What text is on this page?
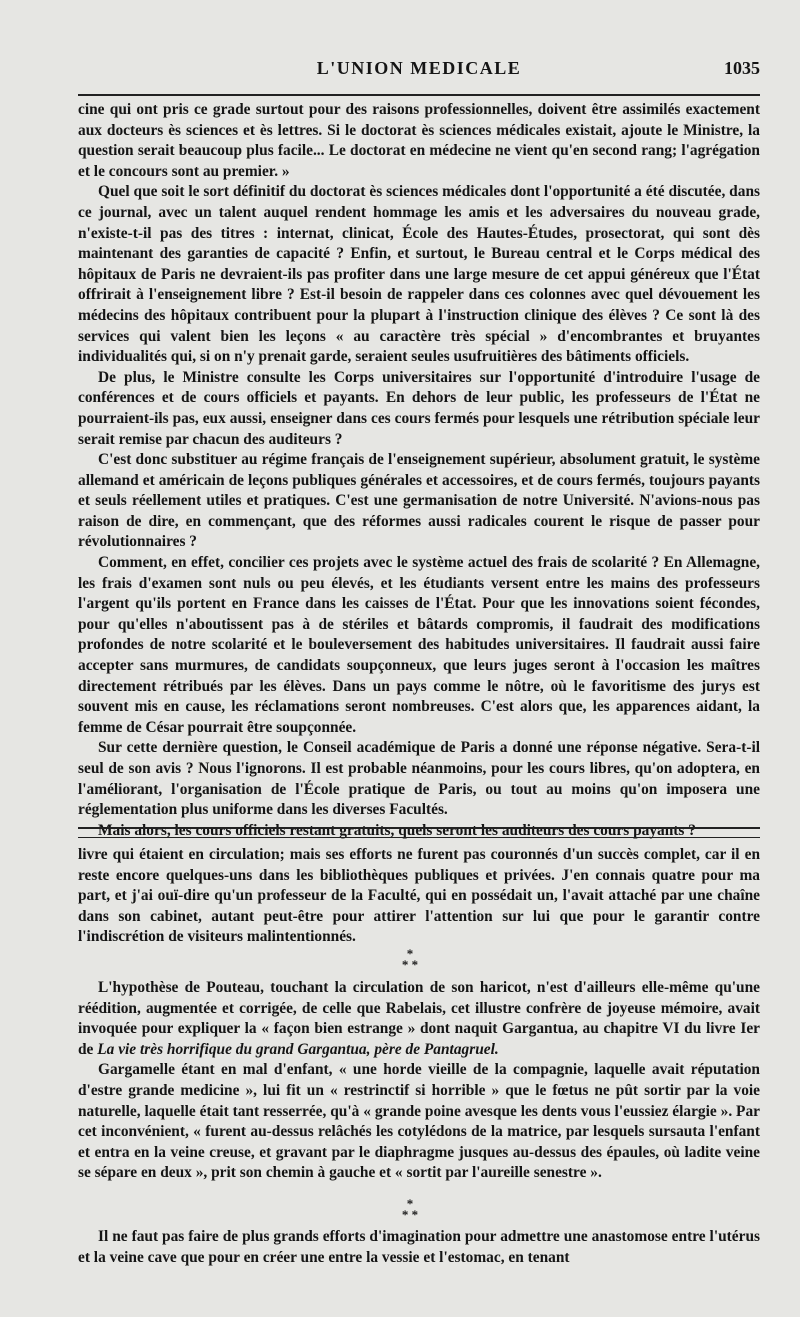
L'UNION MEDICALE	1035

cine qui ont pris ce grade surtout pour des raisons professionnelles, doivent être assimilés exactement aux docteurs ès sciences et ès lettres. Si le doctorat ès sciences médicales existait, ajoute le Ministre, la question serait beaucoup plus facile... Le doctorat en médecine ne vient qu'en second rang; l'agrégation et le concours sont au premier. »

Quel que soit le sort définitif du doctorat ès sciences médicales dont l'opportunité a été discutée, dans ce journal, avec un talent auquel rendent hommage les amis et les adversaires du nouveau grade, n'existe-t-il pas des titres : internat, clinicat, École des Hautes-Études, prosectorat, qui sont dès maintenant des garanties de capacité ? Enfin, et surtout, le Bureau central et le Corps médical des hôpitaux de Paris ne devraient-ils pas profiter dans une large mesure de cet appui généreux que l'État offrirait à l'enseignement libre ? Est-il besoin de rappeler dans ces colonnes avec quel dévouement les médecins des hôpitaux contribuent pour la plupart à l'instruction clinique des élèves ? Ce sont là des services qui valent bien les leçons « au caractère très spécial » d'encombrantes et bruyantes individualités qui, si on n'y prenait garde, seraient seules usufruitières des bâtiments officiels.

De plus, le Ministre consulte les Corps universitaires sur l'opportunité d'introduire l'usage de conférences et de cours officiels et payants. En dehors de leur public, les professeurs de l'État ne pourraient-ils pas, eux aussi, enseigner dans ces cours fermés pour lesquels une rétribution spéciale leur serait remise par chacun des auditeurs ?

C'est donc substituer au régime français de l'enseignement supérieur, absolument gratuit, le système allemand et américain de leçons publiques générales et accessoires, et de cours fermés, toujours payants et seuls réellement utiles et pratiques. C'est une germanisation de notre Université. N'avions-nous pas raison de dire, en commençant, que des réformes aussi radicales courent le risque de passer pour révolutionnaires ?

Comment, en effet, concilier ces projets avec le système actuel des frais de scolarité ? En Allemagne, les frais d'examen sont nuls ou peu élevés, et les étudiants versent entre les mains des professeurs l'argent qu'ils portent en France dans les caisses de l'État. Pour que les innovations soient fécondes, pour qu'elles n'aboutissent pas à de stériles et bâtards compromis, il faudrait des modifications profondes de notre scolarité et le bouleversement des habitudes universitaires. Il faudrait aussi faire accepter sans murmures, de candidats soupçonneux, que leurs juges seront à l'occasion les maîtres directement rétribués par les élèves. Dans un pays comme le nôtre, où le favoritisme des jurys est souvent mis en cause, les réclamations seront nombreuses. C'est alors que, les apparences aidant, la femme de César pourrait être soupçonnée.

Sur cette dernière question, le Conseil académique de Paris a donné une réponse négative. Sera-t-il seul de son avis ? Nous l'ignorons. Il est probable néanmoins, pour les cours libres, qu'on adoptera, en l'améliorant, l'organisation de l'École pratique de Paris, ou tout au moins qu'on imposera une réglementation plus uniforme dans les diverses Facultés.

Mais alors, les cours officiels restant gratuits, quels seront les auditeurs des cours payants ?

livre qui étaient en circulation; mais ses efforts ne furent pas couronnés d'un succès complet, car il en reste encore quelques-uns dans les bibliothèques publiques et privées. J'en connais quatre pour ma part, et j'ai ouï-dire qu'un professeur de la Faculté, qui en possédait un, l'avait attaché par une chaîne dans son cabinet, autant peut-être pour attirer l'attention sur lui que pour le garantir contre l'indiscrétion de visiteurs malintentionnés.

*
* *

L'hypothèse de Pouteau, touchant la circulation de son haricot, n'est d'ailleurs elle-même qu'une réédition, augmentée et corrigée, de celle que Rabelais, cet illustre confrère de joyeuse mémoire, avait invoquée pour expliquer la « façon bien estrange » dont naquit Gargantua, au chapitre VI du livre Ier de La vie très horrifique du grand Gargantua, père de Pantagruel.

Gargamelle étant en mal d'enfant, « une horde vieille de la compagnie, laquelle avait réputation d'estre grande medicine », lui fit un « restrinctif si horrible » que le fœtus ne pût sortir par la voie naturelle, laquelle était tant resserrée, qu'à « grande poine avesque les dents vous l'eussiez élargie ». Par cet inconvénient, « furent au-dessus relâchés les cotylédons de la matrice, par lesquels sursauta l'enfant et entra en la veine creuse, et gravant par le diaphragme jusques au-dessus des épaules, où ladite veine se sépare en deux », prit son chemin à gauche et « sortit par l'aureille senestre ».

*
* *

Il ne faut pas faire de plus grands efforts d'imagination pour admettre une anastomose entre l'utérus et la veine cave que pour en créer une entre la vessie et l'estomac, en tenant
